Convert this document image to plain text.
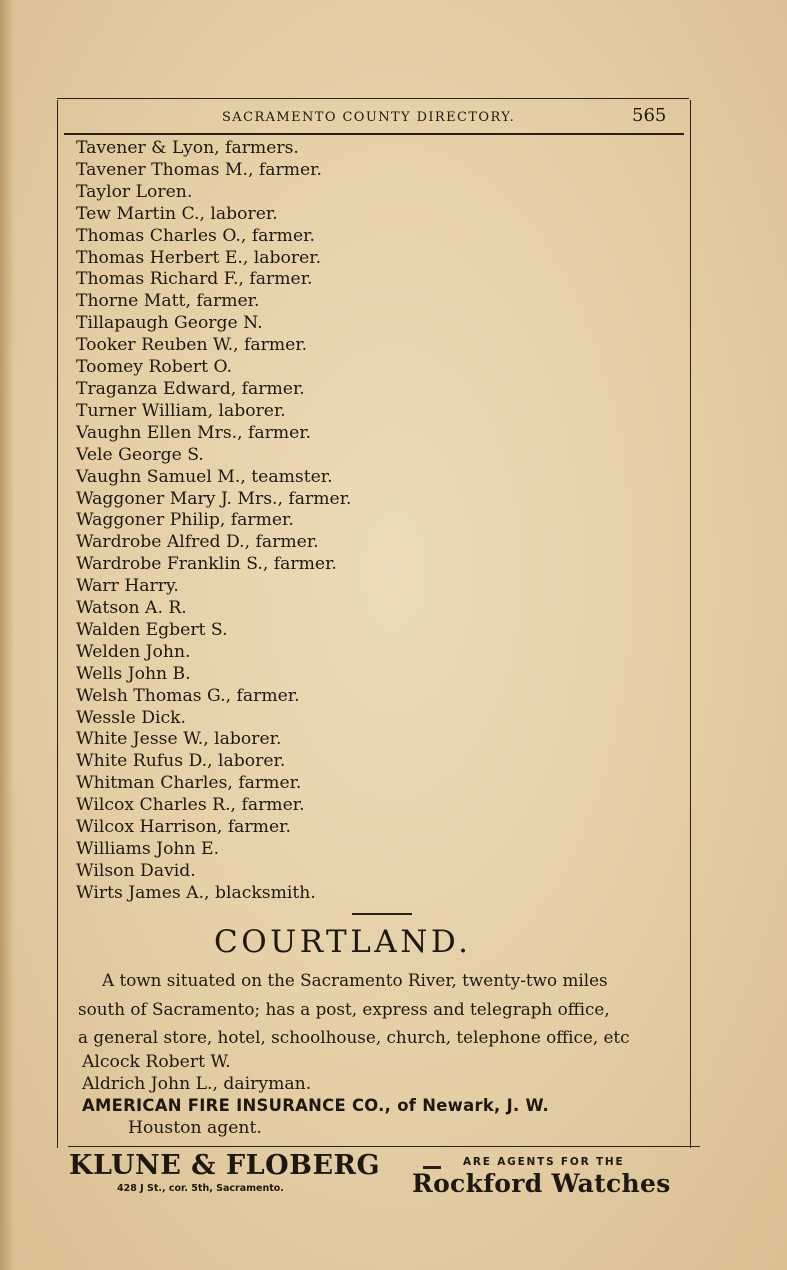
SACRAMENTO COUNTY DIRECTORY.	565
Tavener & Lyon, farmers.
Tavener Thomas M., farmer.
Taylor Loren.
Tew Martin C., laborer.
Thomas Charles O., farmer.
Thomas Herbert E., laborer.
Thomas Richard F., farmer.
Thorne Matt, farmer.
Tillapaugh George N.
Tooker Reuben W., farmer.
Toomey Robert O.
Traganza Edward, farmer.
Turner William, laborer.
Vaughn Ellen Mrs., farmer.
Vele George S.
Vaughn Samuel M., teamster.
Waggoner Mary J. Mrs., farmer.
Waggoner Philip, farmer.
Wardrobe Alfred D., farmer.
Wardrobe Franklin S., farmer.
Warr Harry.
Watson A. R.
Walden Egbert S.
Welden John.
Wells John B.
Welsh Thomas G., farmer.
Wessle Dick.
White Jesse W., laborer.
White Rufus D., laborer.
Whitman Charles, farmer.
Wilcox Charles R., farmer.
Wilcox Harrison, farmer.
Williams John E.
Wilson David.
Wirts James A., blacksmith.
COURTLAND.

A town situated on the Sacramento River, twenty-two miles

south of Sacramento; has a post, express and telegraph office,

a general store, hotel, schoolhouse, church, telephone office, etc

Alcock Robert W.
Aldrich John L., dairyman.
AMERICAN FIRE INSURANCE CO., of Newark, J. W.
Houston agent.
KLUNE & FLOBERG
428 J St., cor. 5th, Sacramento.
ARE AGENTS FOR THE
Rockford Watches
